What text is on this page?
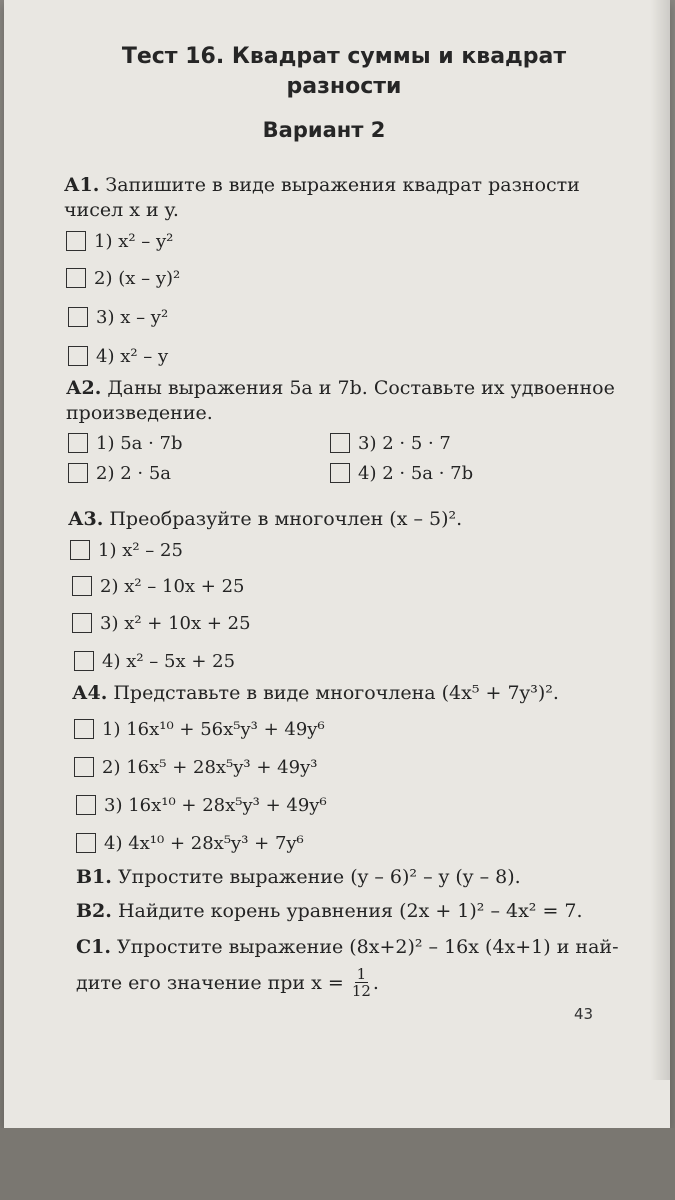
Тест 16. Квадрат суммы и квадрат
разности
Вариант 2
А1. Запишите в виде выражения квадрат разности
чисел x и y.
1) x² – y²
2) (x – y)²
3) x – y²
4) x² – y
А2. Даны выражения 5a и 7b. Составьте их удвоенное
произведение.
1) 5a · 7b
2) 2 · 5a
3) 2 · 5 · 7
4) 2 · 5a · 7b
А3. Преобразуйте в многочлен (x – 5)².
1) x² – 25
2) x² – 10x + 25
3) x² + 10x + 25
4) x² – 5x + 25
А4. Представьте в виде многочлена (4x⁵ + 7y³)².
1) 16x¹⁰ + 56x⁵y³ + 49y⁶
2) 16x⁵ + 28x⁵y³ + 49y³
3) 16x¹⁰ + 28x⁵y³ + 49y⁶
4) 4x¹⁰ + 28x⁵y³ + 7y⁶
В1. Упростите выражение (y – 6)² – y (y – 8).
В2. Найдите корень уравнения (2x + 1)² – 4x² = 7.
С1. Упростите выражение (8x+2)² – 16x (4x+1) и най-
дите его значение при $x = \frac{1}{12}$ .
43
